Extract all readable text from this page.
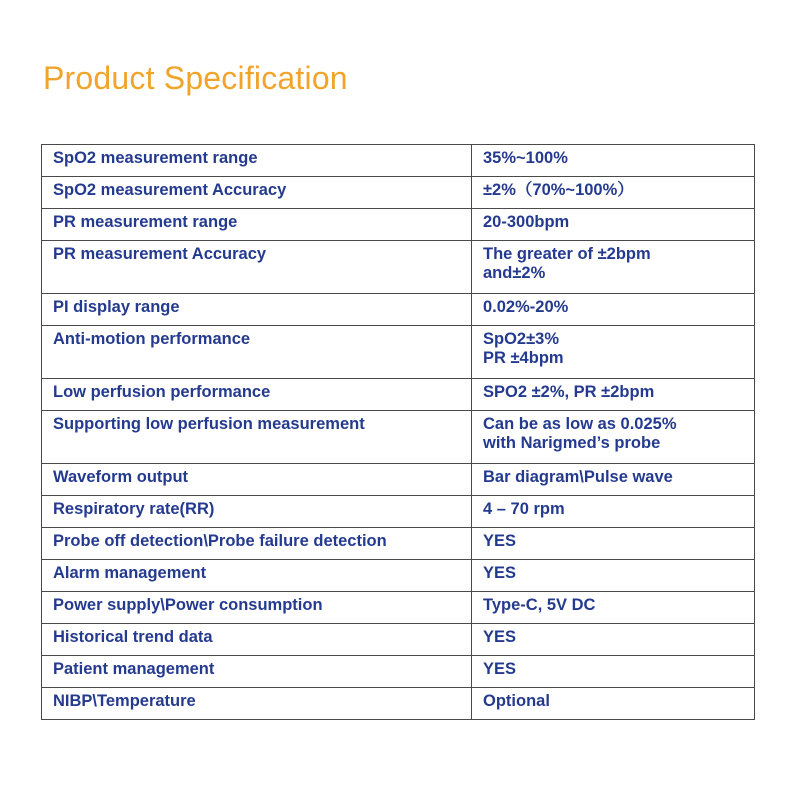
Product Specification
SpO2 measurement range	35%~100%
SpO2 measurement Accuracy	±2%（70%~100%）
PR measurement range	20-300bpm
PR measurement Accuracy	The greater of ±2bpm
and±2%
PI display range	0.02%-20%
Anti-motion performance	SpO2±3%
PR ±4bpm
Low perfusion performance	SPO2 ±2%, PR ±2bpm
Supporting low perfusion measurement	Can be as low as 0.025%
with Narigmed’s probe
Waveform output	Bar diagram\Pulse wave
Respiratory rate(RR)	4 – 70 rpm
Probe off detection\Probe failure detection	YES
Alarm management	YES
Power supply\Power consumption	Type-C, 5V DC
Historical trend data	YES
Patient management	YES
NIBP\Temperature	Optional
